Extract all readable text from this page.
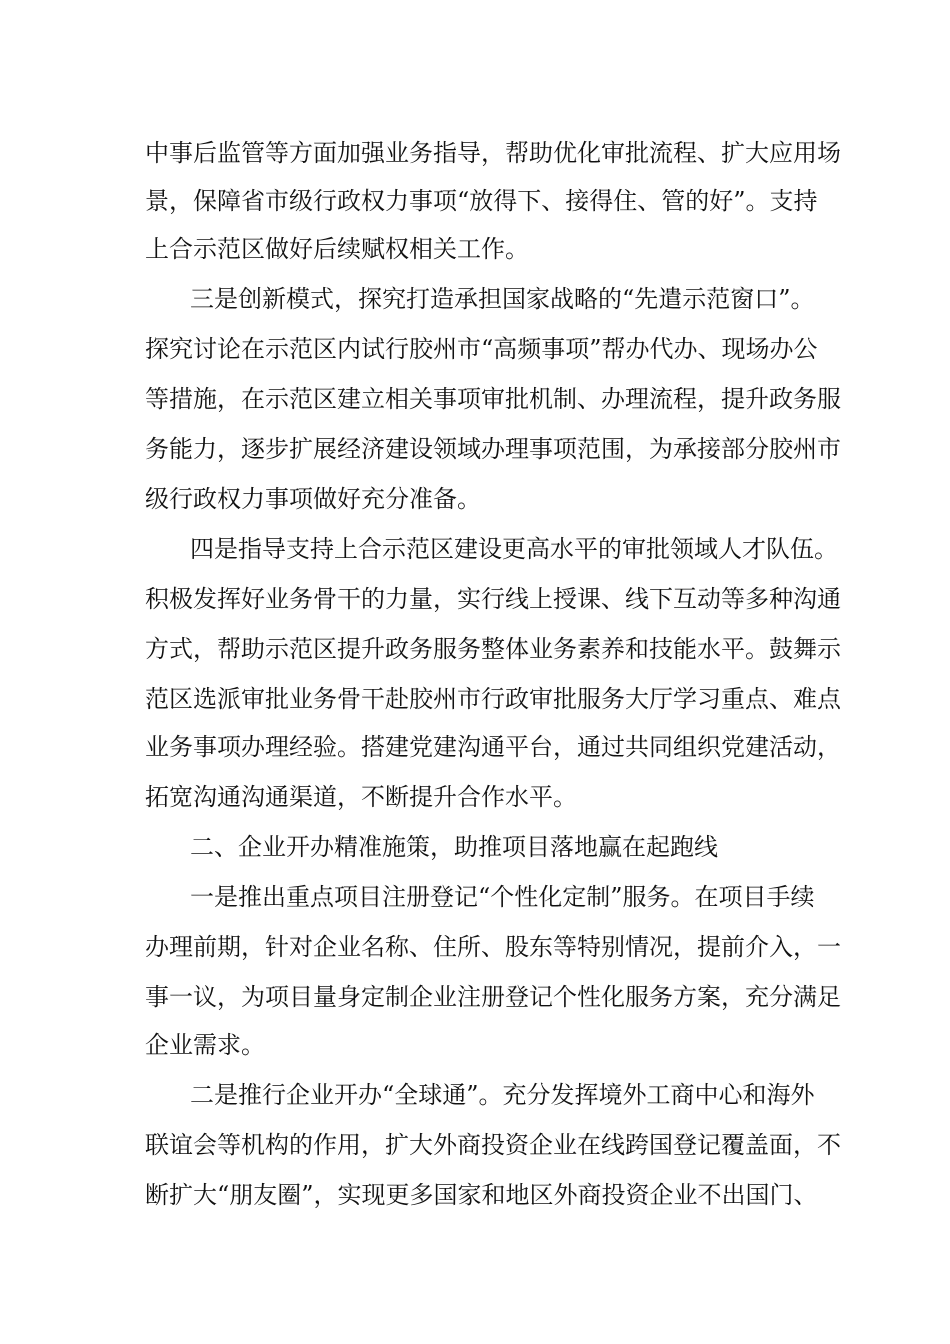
中事后监管等方面加强业务指导，帮助优化审批流程、扩大应用场
景，保障省市级行政权力事项“放得下、接得住、管的好”。支持
上合示范区做好后续赋权相关工作。
三是创新模式，探究打造承担国家战略的“先遣示范窗口”。
探究讨论在示范区内试行胶州市“高频事项”帮办代办、现场办公
等措施，在示范区建立相关事项审批机制、办理流程，提升政务服
务能力，逐步扩展经济建设领域办理事项范围，为承接部分胶州市
级行政权力事项做好充分准备。
四是指导支持上合示范区建设更高水平的审批领域人才队伍。
积极发挥好业务骨干的力量，实行线上授课、线下互动等多种沟通
方式，帮助示范区提升政务服务整体业务素养和技能水平。鼓舞示
范区选派审批业务骨干赴胶州市行政审批服务大厅学习重点、难点
业务事项办理经验。搭建党建沟通平台，通过共同组织党建活动，
拓宽沟通沟通渠道，不断提升合作水平。
二、企业开办精准施策，助推项目落地赢在起跑线
一是推出重点项目注册登记“个性化定制”服务。在项目手续
办理前期，针对企业名称、住所、股东等特别情况，提前介入，一
事一议，为项目量身定制企业注册登记个性化服务方案，充分满足
企业需求。
二是推行企业开办“全球通”。充分发挥境外工商中心和海外
联谊会等机构的作用，扩大外商投资企业在线跨国登记覆盖面，不
断扩大“朋友圈”，实现更多国家和地区外商投资企业不出国门、
